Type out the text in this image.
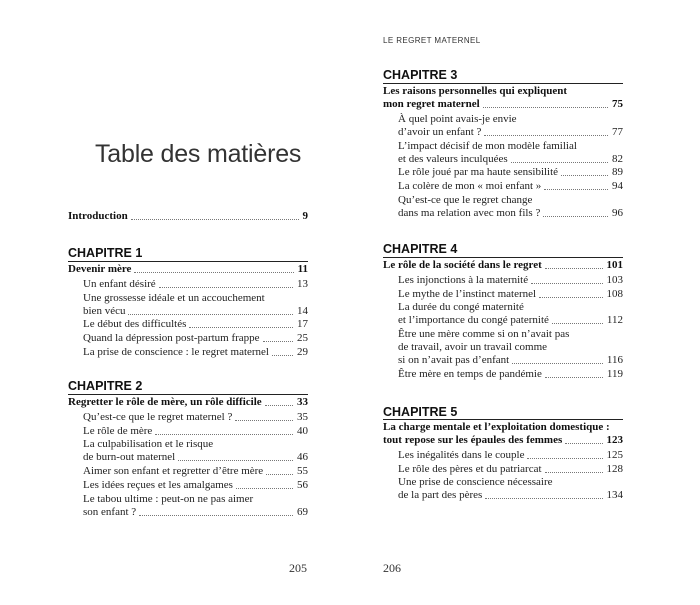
Table des matières
Introduction	9
CHAPITRE 1
Devenir mère	11
Un enfant désiré	13
Une grossesse idéale et un accouchement
bien vécu	14
Le début des difficultés	17
Quand la dépression post-partum frappe	25
La prise de conscience : le regret maternel	29
CHAPITRE 2
Regretter le rôle de mère, un rôle difficile	33
Qu’est-ce que le regret maternel ?	35
Le rôle de mère	40
La culpabilisation et le risque
de burn-out maternel	46
Aimer son enfant et regretter d’être mère	55
Les idées reçues et les amalgames	56
Le tabou ultime : peut-on ne pas aimer
son enfant ?	69
205
LE REGRET MATERNEL
CHAPITRE 3
Les raisons personnelles qui expliquent
mon regret maternel	75
À quel point avais-je envie
d’avoir un enfant ?	77
L’impact décisif de mon modèle familial
et des valeurs inculquées	82
Le rôle joué par ma haute sensibilité	89
La colère de mon « moi enfant »	94
Qu’est-ce que le regret change
dans ma relation avec mon fils ?	96
CHAPITRE 4
Le rôle de la société dans le regret	101
Les injonctions à la maternité	103
Le mythe de l’instinct maternel	108
La durée du congé maternité
et l’importance du congé paternité	112
Être une mère comme si on n’avait pas
de travail, avoir un travail comme
si on n’avait pas d’enfant	116
Être mère en temps de pandémie	119
CHAPITRE 5
La charge mentale et l’exploitation domestique :
tout repose sur les épaules des femmes	123
Les inégalités dans le couple	125
Le rôle des pères et du patriarcat	128
Une prise de conscience nécessaire
de la part des pères	134
206
